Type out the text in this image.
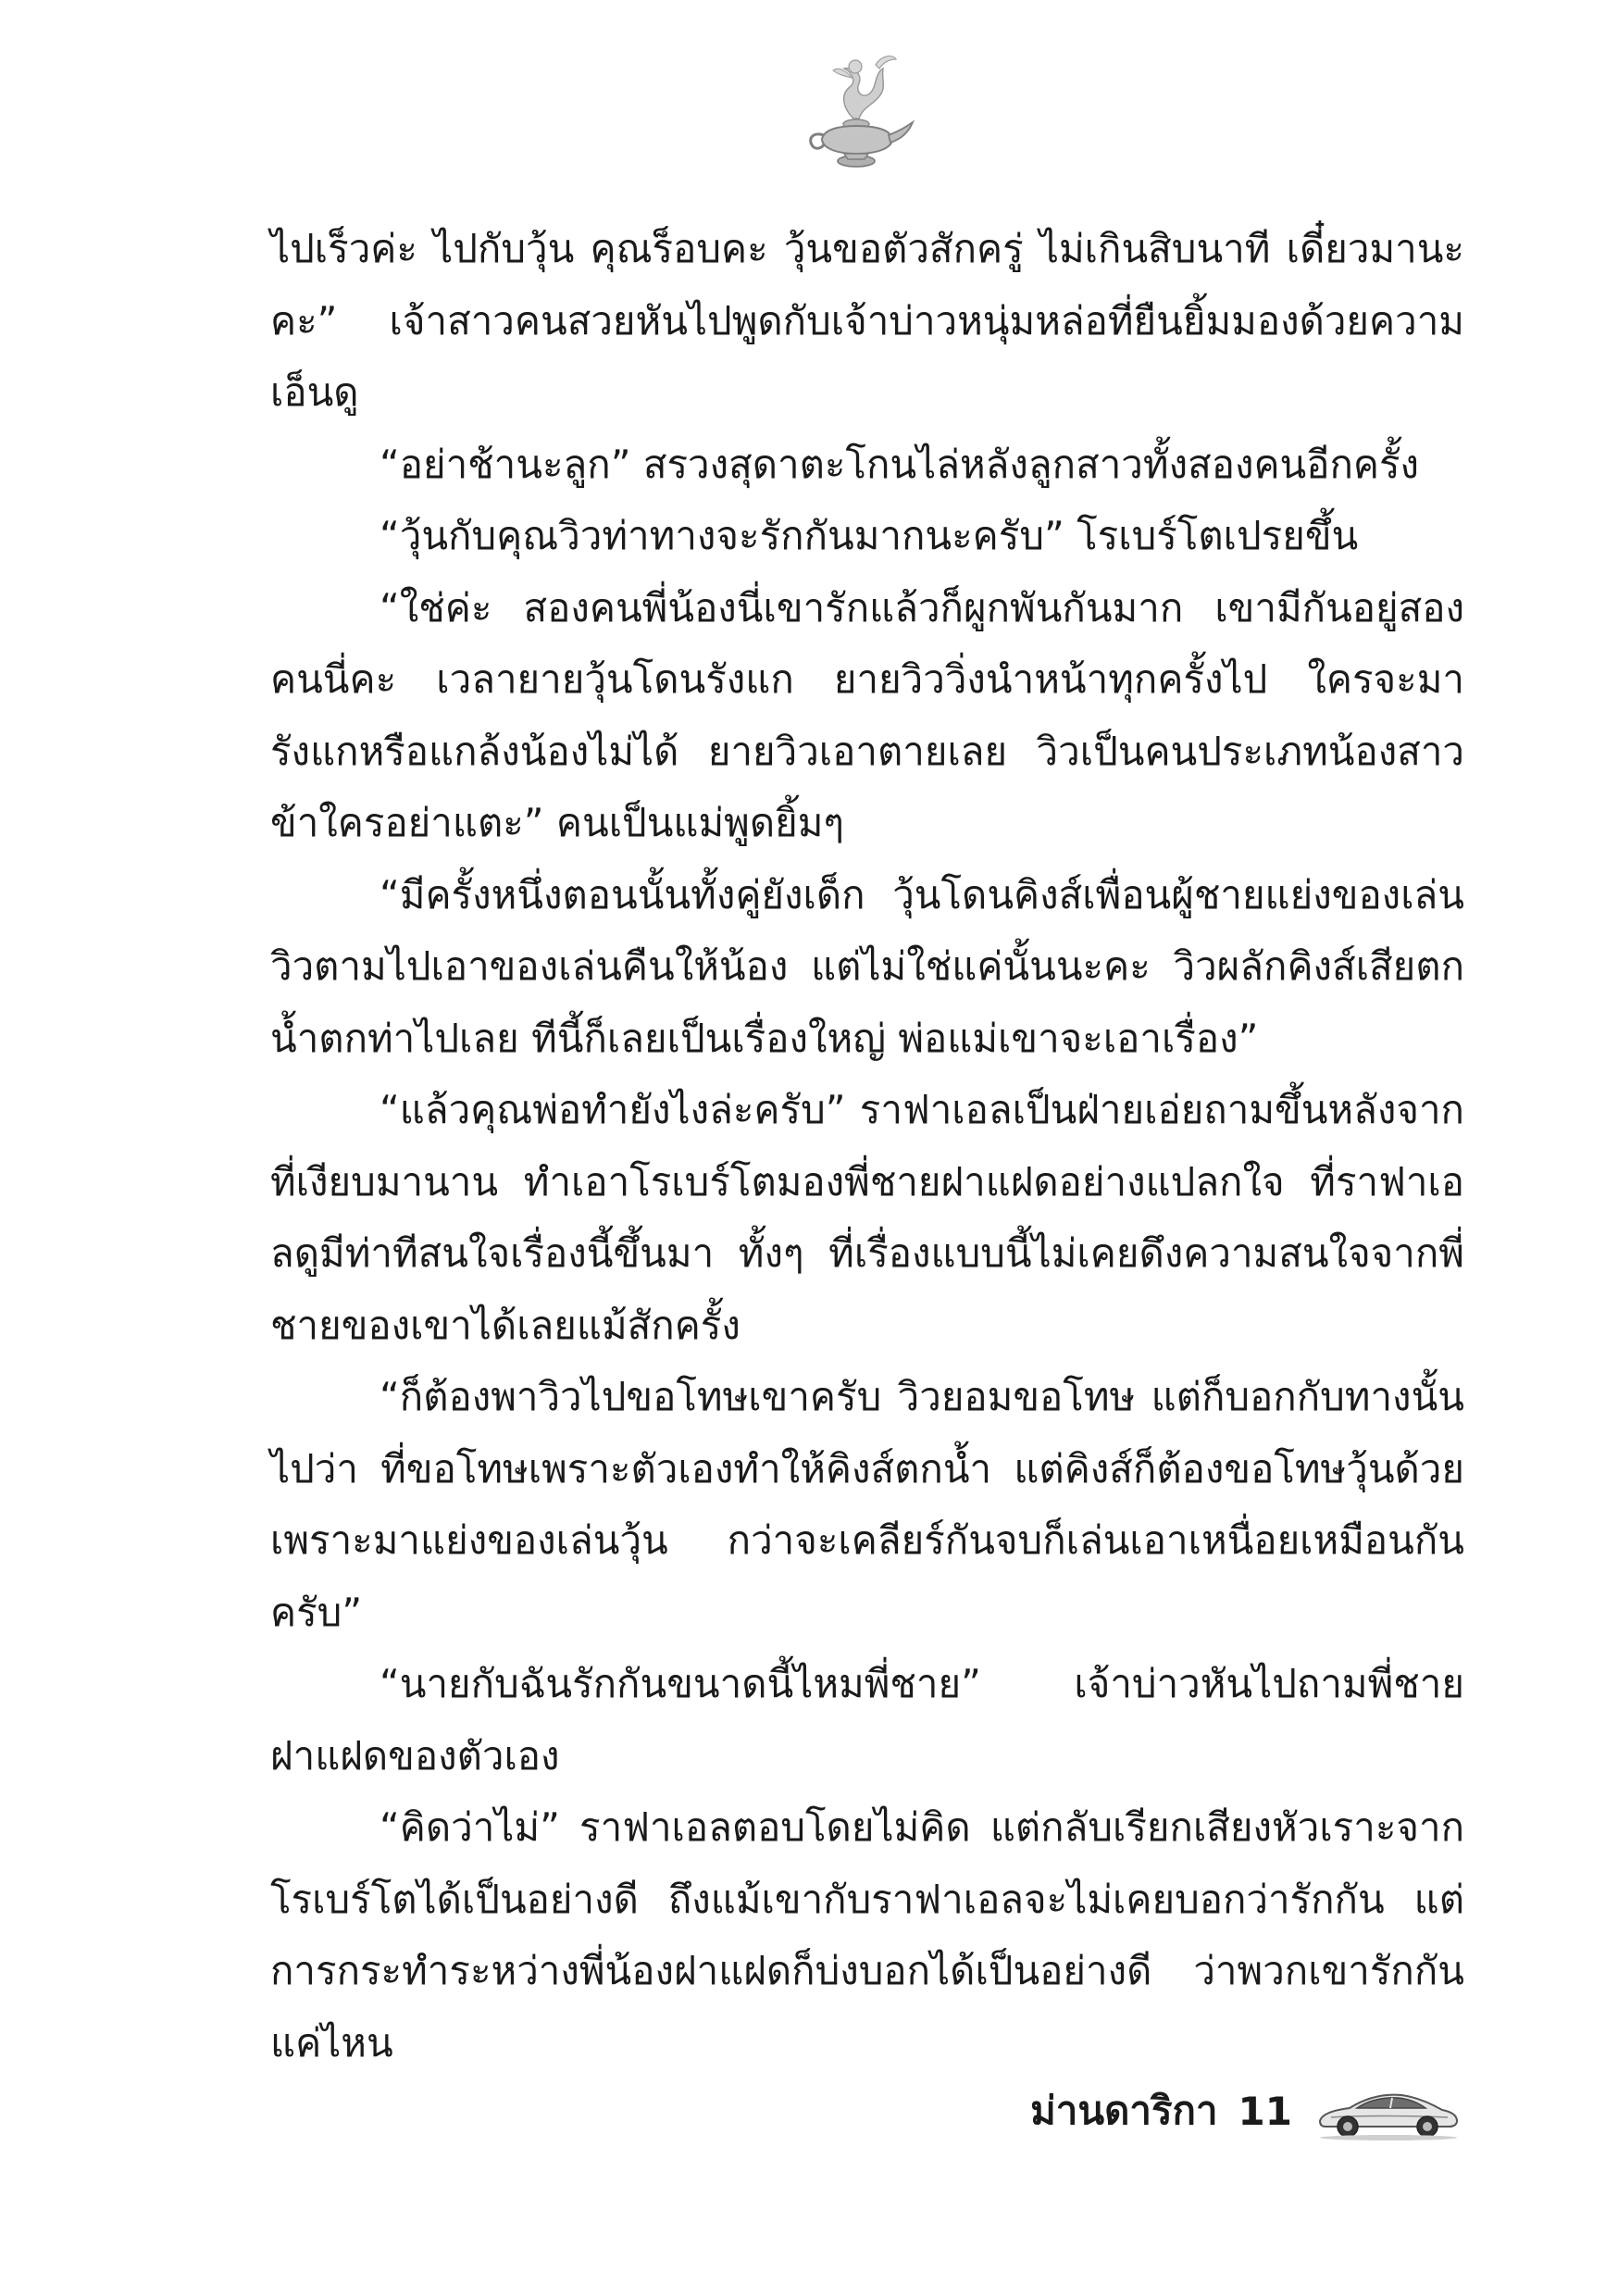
ไปเร็วค่ะ ไปกับวุ้น คุณร็อบคะ วุ้นขอตัวสักครู่ ไม่เกินสิบนาที เดี๋ยวมานะคะ” เจ้าสาวคนสวยหันไปพูดกับเจ้าบ่าวหนุ่มหล่อที่ยืนยิ้มมองด้วยความเอ็นดู

“อย่าช้านะลูก” สรวงสุดาตะโกนไล่หลังลูกสาวทั้งสองคนอีกครั้ง

“วุ้นกับคุณวิวท่าทางจะรักกันมากนะครับ” โรเบร์โตเปรยขึ้น

“ใช่ค่ะ สองคนพี่น้องนี่เขารักแล้วก็ผูกพันกันมาก เขามีกันอยู่สองคนนี่คะ เวลายายวุ้นโดนรังแก ยายวิววิ่งนำหน้าทุกครั้งไป ใครจะมารังแกหรือแกล้งน้องไม่ได้ ยายวิวเอาตายเลย วิวเป็นคนประเภทน้องสาวข้าใครอย่าแตะ” คนเป็นแม่พูดยิ้มๆ

“มีครั้งหนึ่งตอนนั้นทั้งคู่ยังเด็ก วุ้นโดนคิงส์เพื่อนผู้ชายแย่งของเล่น วิวตามไปเอาของเล่นคืนให้น้อง แต่ไม่ใช่แค่นั้นนะคะ วิวผลักคิงส์เสียตกน้ำตกท่าไปเลย ทีนี้ก็เลยเป็นเรื่องใหญ่ พ่อแม่เขาจะเอาเรื่อง”

“แล้วคุณพ่อทำยังไงล่ะครับ” ราฟาเอลเป็นฝ่ายเอ่ยถามขึ้นหลังจากที่เงียบมานาน ทำเอาโรเบร์โตมองพี่ชายฝาแฝดอย่างแปลกใจ ที่ราฟาเอลดูมีท่าทีสนใจเรื่องนี้ขึ้นมา ทั้งๆ ที่เรื่องแบบนี้ไม่เคยดึงความสนใจจากพี่ชายของเขาได้เลยแม้สักครั้ง

“ก็ต้องพาวิวไปขอโทษเขาครับ วิวยอมขอโทษ แต่ก็บอกกับทางนั้นไปว่า ที่ขอโทษเพราะตัวเองทำให้คิงส์ตกน้ำ แต่คิงส์ก็ต้องขอโทษวุ้นด้วยเพราะมาแย่งของเล่นวุ้น กว่าจะเคลียร์กันจบก็เล่นเอาเหนื่อยเหมือนกันครับ”

“นายกับฉันรักกันขนาดนี้ไหมพี่ชาย” เจ้าบ่าวหันไปถามพี่ชายฝาแฝดของตัวเอง

“คิดว่าไม่” ราฟาเอลตอบโดยไม่คิด แต่กลับเรียกเสียงหัวเราะจากโรเบร์โตได้เป็นอย่างดี ถึงแม้เขากับราฟาเอลจะไม่เคยบอกว่ารักกัน แต่การกระทำระหว่างพี่น้องฝาแฝดก็บ่งบอกได้เป็นอย่างดี ว่าพวกเขารักกันแค่ไหน

ม่านดาริกา 11
